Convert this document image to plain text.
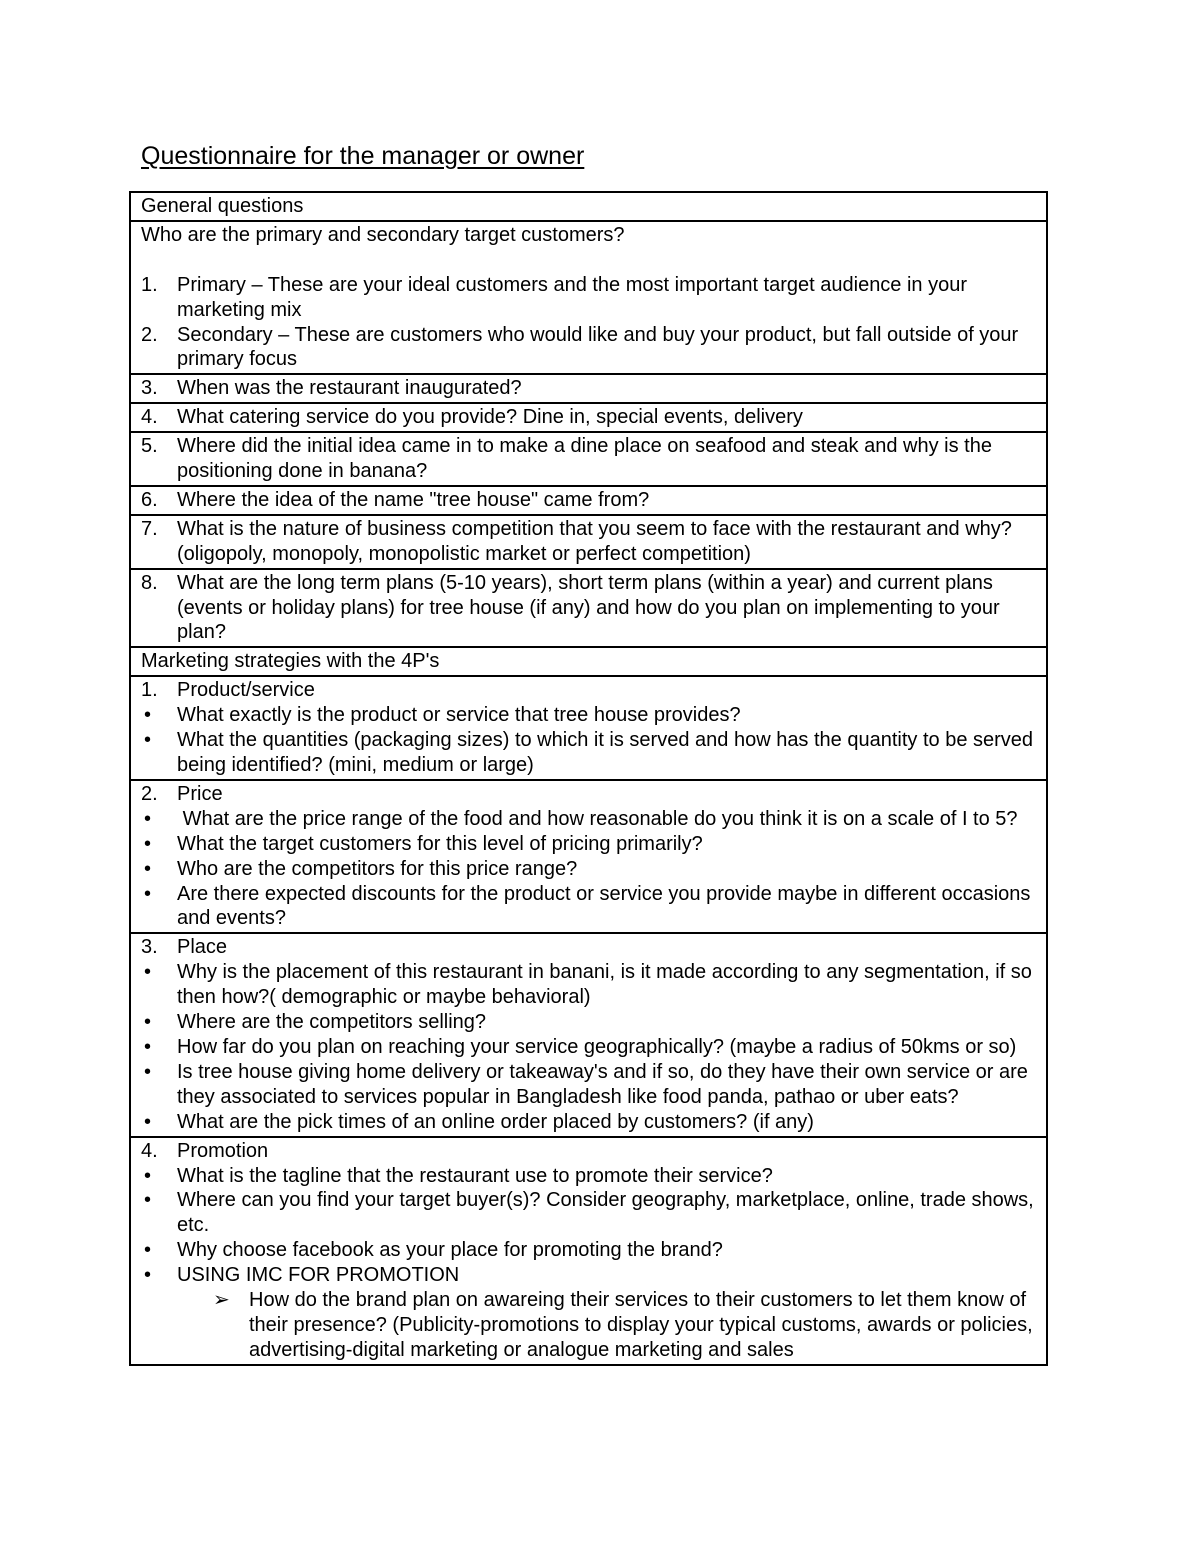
Questionnaire for the manager or owner
General questions
Who are the primary and secondary target customers?
1. Primary – These are your ideal customers and the most important target audience in your marketing mix
2. Secondary – These are customers who would like and buy your product, but fall outside of your primary focus
3. When was the restaurant inaugurated?
4. What catering service do you provide? Dine in, special events, delivery
5. Where did the initial idea came in to make a dine place on seafood and steak and why is the positioning done in banana?
6. Where the idea of the name "tree house" came from?
7. What is the nature of business competition that you seem to face with the restaurant and why? (oligopoly, monopoly, monopolistic market or perfect competition)
8. What are the long term plans (5-10 years), short term plans (within a year) and current plans (events or holiday plans) for tree house (if any) and how do you plan on implementing to your plan?
Marketing strategies with the 4P's
1. Product/service
•	What exactly is the product or service that tree house provides?
•	What the quantities (packaging sizes) to which it is served and how has the quantity to be served being identified? (mini, medium or large)
2. Price
•	What are the price range of the food and how reasonable do you think it is on a scale of I to 5?
•	What the target customers for this level of pricing primarily?
•	Who are the competitors for this price range?
•	Are there expected discounts for the product or service you provide maybe in different occasions and events?
3. Place
•	Why is the placement of this restaurant in banani, is it made according to any segmentation, if so then how?( demographic or maybe behavioral)
•	Where are the competitors selling?
•	How far do you plan on reaching your service geographically? (maybe a radius of 50kms or so)
•	Is tree house giving home delivery or takeaway's and if so, do they have their own service or are they associated to services popular in Bangladesh like food panda, pathao or uber eats?
•	What are the pick times of an online order placed by customers? (if any)
4. Promotion
•	What is the tagline that the restaurant use to promote their service?
•	Where can you find your target buyer(s)? Consider geography, marketplace, online, trade shows, etc.
•	Why choose facebook as your place for promoting the brand?
•	USING IMC FOR PROMOTION
➢ How do the brand plan on awareing their services to their customers to let them know of their presence? (Publicity-promotions to display your typical customs, awards or policies, advertising-digital marketing or analogue marketing and sales
